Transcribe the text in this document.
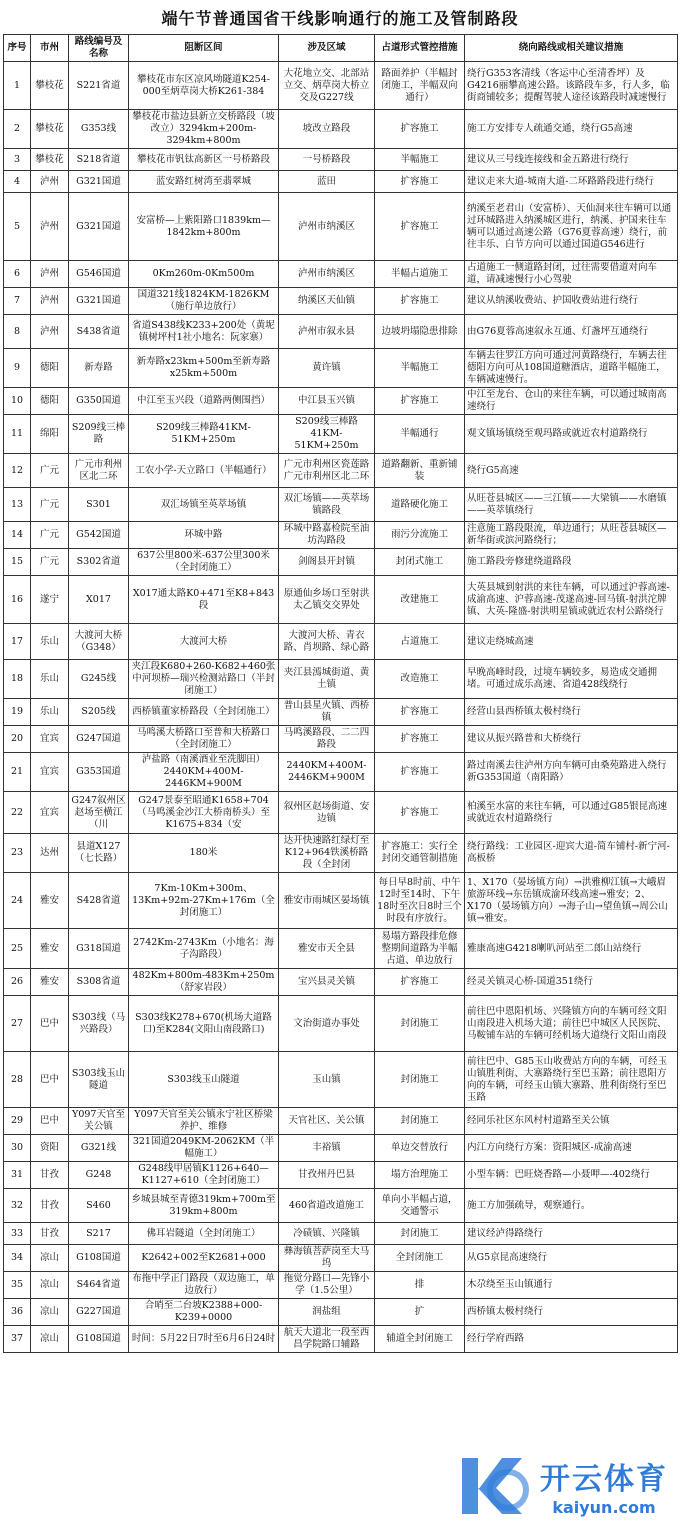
端午节普通国省干线影响通行的施工及管制路段
序号	市州	路线编号及名称	阻断区间	涉及区域	占道形式管控措施	绕向路线或相关建议措施
1	攀枝花	S221省道	攀枝花市东区凉风坳隧道K254-000至炳草岗大桥K261-384	大花地立交、北部站立交、炳草岗大桥立交及G227线	路面养护（半幅封闭施工，半幅双向通行）	绕行G353客清线（客运中心至清香坪）及G4216丽攀高速公路。该路段车多，行人多，临街商铺较多；提醒驾驶人途径该路段时减速慢行
2	攀枝花	G353线	攀枝花市盐边县新立交桥路段（坡改立）3294km+200m-3294km+800m	坡改立路段	扩容施工	施工方安排专人疏通交通，绕行G5高速
3	攀枝花	S218省道	攀枝花市钒钛高新区一号桥路段	一号桥路段	半幅施工	建议从三号线连接线和金五路进行绕行
4	泸州	G321国道	蓝安路红树湾至翡翠城	蓝田	扩容施工	建议走来大道-城南大道-二环路路段进行绕行
5	泸州	G321国道	安富桥—上紫阳路口1839km—1842km+800m	泸州市纳溪区	扩容施工	纳溪至老君山（安富桥）、天仙洞来往车辆可以通过环城路进入纳溪城区进行，纳溪、护国来往车辆可以通过高速公路（G76夏蓉高速）绕行，前往丰乐、白节方向可以通过国道G546进行
6	泸州	G546国道	0Km260m-0Km500m	泸州市纳溪区	半幅占道施工	占道施工一侧道路封闭，过往需要借道对向车道，请减速慢行小心驾驶
7	泸州	G321国道	国道321线1824KM-1826KM（施行单边放行）	纳溪区天仙镇	扩容施工	建议从纳溪收费站、护国收费站进行绕行
8	泸州	S438省道	省道S438线K233+200处（黄坭镇树坪村1社小地名：阮家寨）	泸州市叙永县	边坡坍塌隐患排除	由G76夏蓉高速叙永互通、灯盏坪互通绕行
9	德阳	新寿路	新寿路x23km+500m至新寿路x25km+500m	黄许镇	半幅施工	车辆去往罗江方向可通过河黄路绕行，车辆去往德阳方向可从108国道糖酒店，道路半幅施工，车辆减速慢行。
10	德阳	G350国道	中江至玉兴段（道路两侧围挡）	中江县玉兴镇	扩容施工	中江至龙台、仓山的来往车辆，可以通过城南高速绕行
11	绵阳	S209线三棒路	S209线三棒路41KM-51KM+250m	S209线三棒路41KM-51KM+250m	半幅通行	观文镇场镇绕至观玛路或就近农村道路绕行
12	广元	广元市利州区北二环	工农小学-天立路口（半幅通行）	广元市利州区瓷莲路广元市利州区北二环	道路翻新、重新铺装	绕行G5高速
13	广元	S301	双汇场镇至英萃场镇	双汇场镇——英萃场镇路段	道路硬化施工	从旺苍县城区——三江镇——大梁镇——水磨镇——英萃镇绕行
14	广元	G542国道	环城中路	环城中路嘉检院至油坊沟路段	雨污分流施工	注意施工路段限流，单边通行；从旺苍县城区—新华街或滨河路绕行；
15	广元	S302省道	637公里800米-637公里300米（全封闭施工）	剑阁县开封镇	封闭式施工	施工路段旁修建绕道路段
16	遂宁	X017	X017通太路K0+471至K8+843段	原通仙乡场口至射洪太乙镇交交界处	改建施工	大英县城到射洪的来往车辆，可以通过沪蓉高速-成渝高速、沪蓉高速-茂遂高速-回马镇-射洪沱牌镇、大英-隆盛-射洪明星镇或就近农村公路绕行
17	乐山	大渡河大桥（G348）	大渡河大桥	大渡河大桥、青衣路、肖坝路、绿心路	占道施工	建议走绕城高速
18	乐山	G245线	夹江段K680+260-K682+460张中河坝桥—瑞兴检测站路口（半封闭施工）	夹江县漹城街道、黄土镇	改造施工	早晚高峰时段，过境车辆较多，易造成交通拥堵。可通过成乐高速、省道428线绕行
19	乐山	S205线	西桥镇董家桥路段（全封闭施工）	普山县星火镇、西桥镇	扩容施工	经营山县西桥镇太极村绕行
20	宜宾	G247国道	马鸣溪大桥路口至普和大桥路口（全封闭施工）	马鸣溪路段、二二四路段	扩容施工	建议从振兴路普和大桥绕行
21	宜宾	G353国道	泸盐路（南溪酒业至洗脚田）2440KM+400M-2446KM+900M	2440KM+400M-2446KM+900M	扩容施工	路过南溪去往泸州方向车辆可由桑苑路进入绕行新G353国道（南阳路）
22	宜宾	G247叙州区赵场至横江（川	G247景泰至昭通K1658+704（马鸣溪金沙江大桥南桥头）至K1675+834（安	叙州区赵场街道、安边镇	扩容施工	柏溪至水富的来往车辆，可以通过G85银昆高速或就近农村道路绕行
23	达州	县道X127（七长路）	180米	达开快速路红绿灯至K12+964铁溪桥路段（全封闭	扩容施工：实行全封闭交通管制措施	绕行路线：工业园区-迎宾大道-简车铺村-新宁河-高板桥
24	雅安	S428省道	7Km-10Km+300m、13Km+92m-27Km+176m（全封闭施工）	雅安市雨城区晏场镇	每日早8时前、中午12时至14时、下午18时至次日8时三个时段有序放行。	1、X170（晏场镇方向）→洪雅柳江镇→大峨眉旅游环线→东岳镇成渝环线高速→雅安；2、X170（晏场镇方向）→海子山→望鱼镇→周公山镇→雅安。
25	雅安	G318国道	2742Km-2743Km（小地名：海子沟路段）	雅安市天全县	易塌方路段排危修整期间道路为半幅占道、单边放行	雅康高速G4218喇叭河站至二郎山站绕行
26	雅安	S308省道	482Km+800m-483Km+250m（舒家岩段）	宝兴县灵关镇	扩容施工	经灵关镇灵心桥-国道351绕行
27	巴中	S303线（马兴路段）	S303线K278+670(机场大道路口)至K284(文阳山南段路口)	文治街道办事处	封闭施工	前往巴中恩阳机场、兴隆镇方向的车辆可经文阳山南段进入机场大道；前往巴中城区人民医院、马鞍铺车站的车辆可经机场大道绕行文阳山南段
28	巴中	S303线玉山隧道	S303线玉山隧道	玉山镇	封闭施工	前往巴中、G85玉山收费站方向的车辆，可经玉山镇胜利街、大寨路绕行至巴玉路；前往恩阳方向的车辆，可经玉山镇大寨路、胜利街绕行至巴玉路
29	巴中	Y097天官至关公镇	Y097天官至关公镇永宁社区桥梁养护、维修	天官社区、关公镇	封闭施工	经同乐社区东风村村道路至关公镇
30	资阳	G321线	321国道2049KM-2062KM（半幅施工）	丰裕镇	单边交替放行	内江方向绕行方案：资阳城区-成渝高速
31	甘孜	G248	G248线甲居镇K1126+640—K1127+610（全封闭施工）	甘孜州丹巴县	塌方治理施工	小型车辆：巴旺烧香路—小聂呷—-402绕行
32	甘孜	S460	乡城县城至青德319km+700m至319km+800m	460省道改道施工	单向小半幅占道，交通警示	施工方加强疏导，观察通行。
33	甘孜	S217	佛耳岩隧道（全封闭施工）	冷碛镇、兴隆镇	封闭施工	建议经泸得路绕行
34	凉山	G108国道	K2642+002至K2681+000	彝海镇菩萨岗至大马坞	全封闭施工	从G5京昆高速绕行
35	凉山	S464省道	布拖中学正门路段（双边施工，单边放行）	拖觉分路口—先锋小学（1.5公里）	排	木尕绕至玉山镇通行
36	凉山	G227国道	合哨至二台坡K2388+000-K239+0000	润盐组	扩	西桥镇太极村绕行
37	凉山	G108国道	时间：5月22日7时至6月6日24时	航天大道北一段至西昌学院路口辅路	辅道全封闭施工	经行学府西路
开云体育
kaiyun.com
